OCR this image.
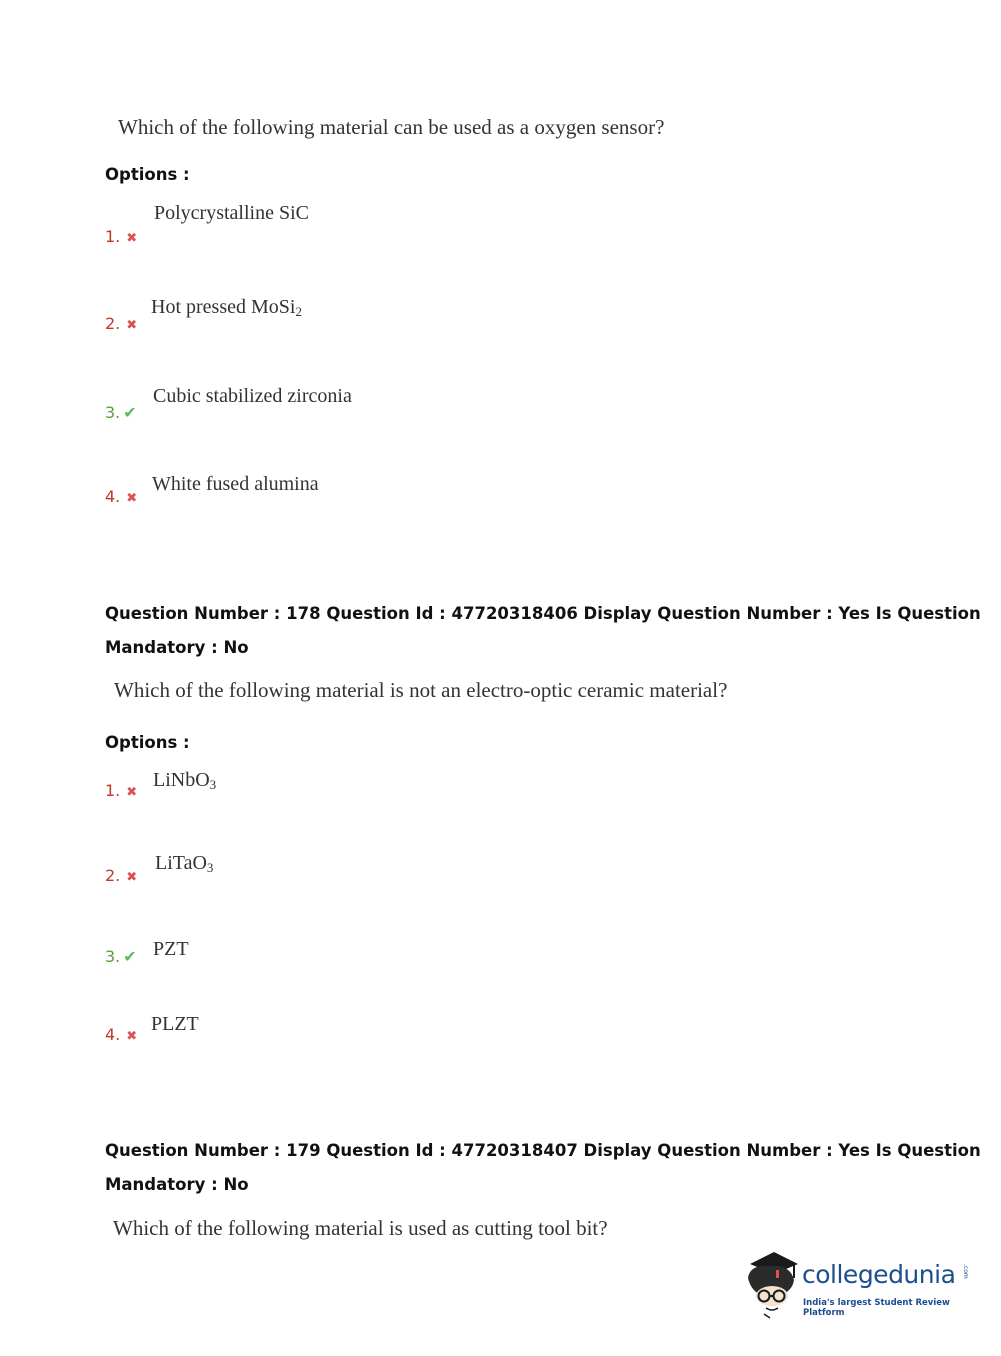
Which of the following material can be used as a oxygen sensor?
Options :
1. ✖
Polycrystalline SiC
2. ✖
Hot pressed MoSi$_2$
3. ✔
Cubic stabilized zirconia
4. ✖
White fused alumina
Question Number : 178 Question Id : 47720318406 Display Question Number : Yes Is Question
Mandatory : No
Which of the following material is not an electro-optic ceramic material?
Options :
1. ✖
LiNbO$_3$
2. ✖
LiTaO$_3$
3. ✔ PZT
4. ✖
PLZT
Question Number : 179 Question Id : 47720318407 Display Question Number : Yes Is Question
Mandatory : No
Which of the following material is used as cutting tool bit?
collegedunia .com
India's largest Student Review Platform
